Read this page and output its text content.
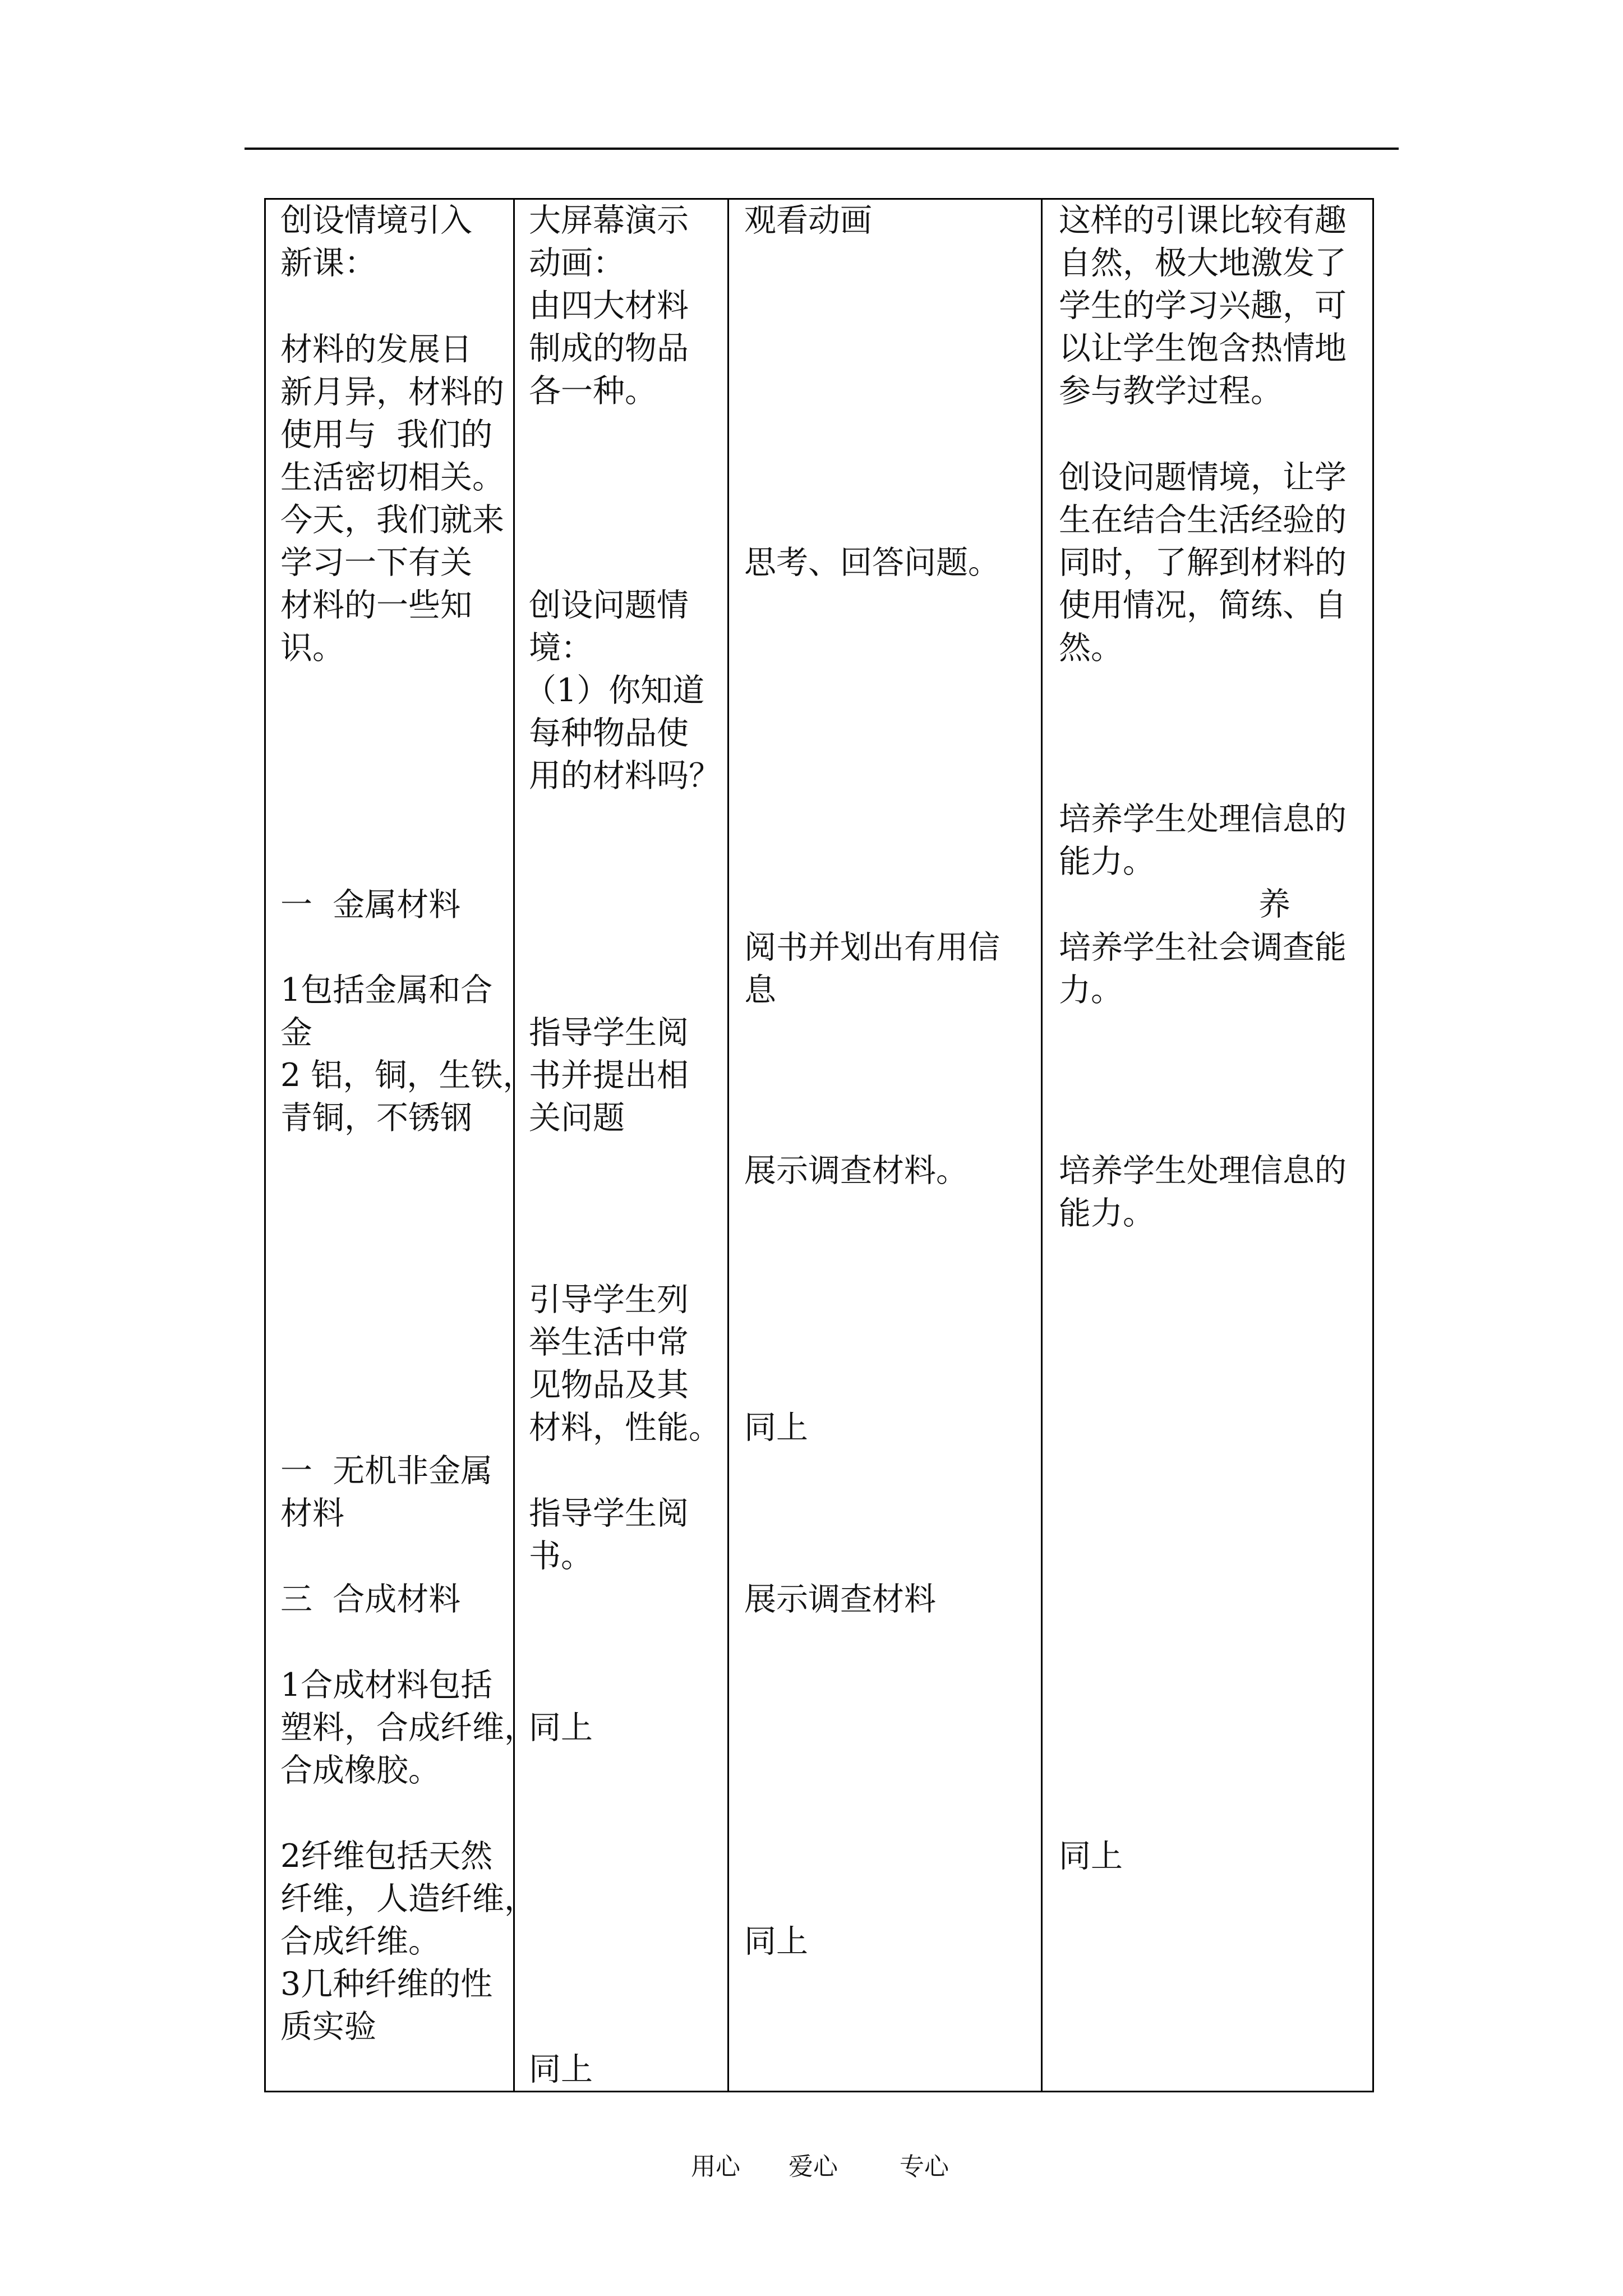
创设情境引入
新课：
材料的发展日
新月异，材料的
使用与  我们的
生活密切相关。
今天，我们就来
学习一下有关
材料的一些知
识。
一  金属材料
1包括金属和合
金
2 铝，铜，生铁，
青铜，不锈钢
一  无机非金属
材料
三  合成材料
1合成材料包括
塑料，合成纤维，
合成橡胶。
2纤维包括天然
纤维，人造纤维，
合成纤维。
3几种纤维的性
质实验
大屏幕演示
动画：
由四大材料
制成的物品
各一种。
创设问题情
境：
（1）你知道
每种物品使
用的材料吗？
指导学生阅
书并提出相
关问题
引导学生列
举生活中常
见物品及其
材料，性能。
指导学生阅
书。
同上
同上
观看动画
思考、回答问题。
阅书并划出有用信
息
展示调查材料。
同上
展示调查材料
同上
这样的引课比较有趣
自然，极大地激发了
学生的学习兴趣，可
以让学生饱含热情地
参与教学过程。
创设问题情境，让学
生在结合生活经验的
同时，了解到材料的
使用情况，简练、自
然。
培养学生处理信息的
能力。
养
培养学生社会调查能
力。
培养学生处理信息的
能力。
同上
用心 爱心	专心
